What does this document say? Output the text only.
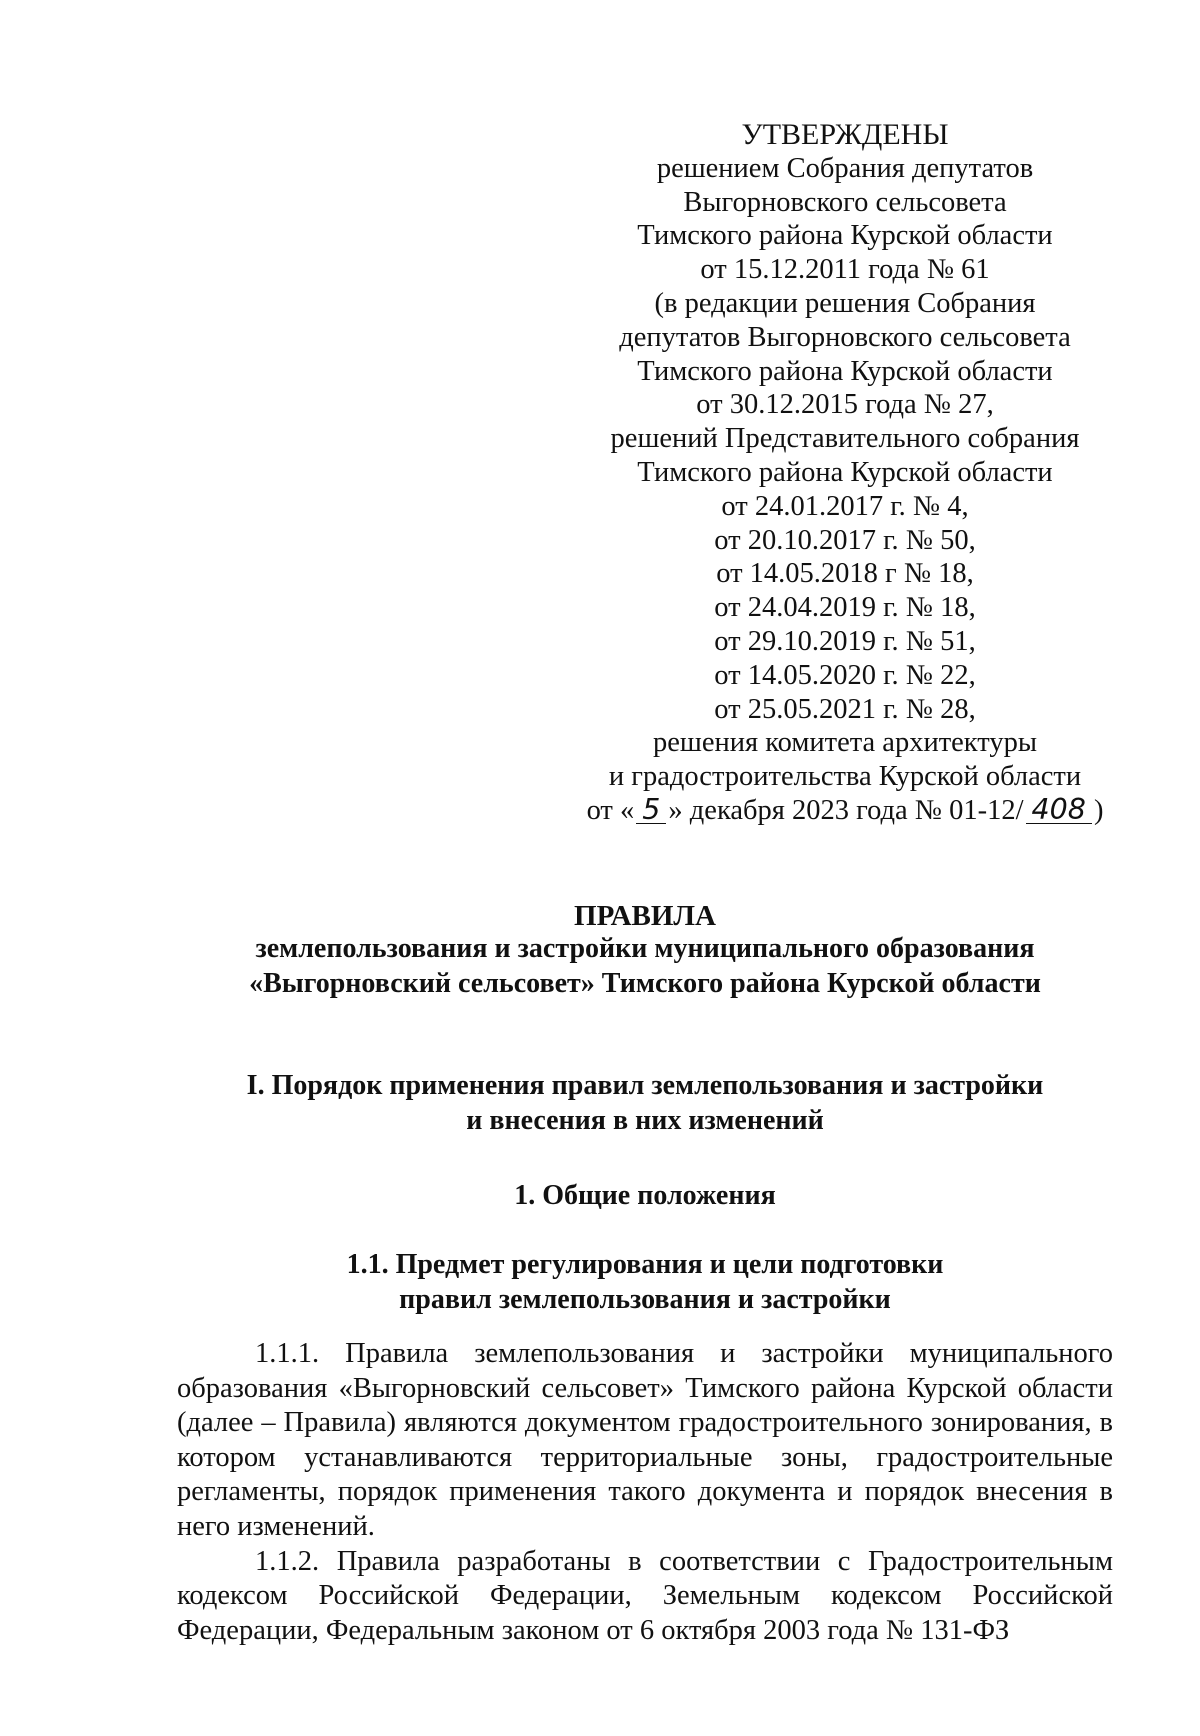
УТВЕРЖДЕНЫ
решением Собрания депутатов
Выгорновского сельсовета
Тимского района Курской области
от 15.12.2011 года № 61
(в редакции решения Собрания
депутатов Выгорновского сельсовета
Тимского района Курской области
от 30.12.2015 года № 27,
решений Представительного собрания
Тимского района Курской области
от 24.01.2017 г. № 4,
от 20.10.2017 г. № 50,
от 14.05.2018 г № 18,
от 24.04.2019 г. № 18,
от 29.10.2019 г. № 51,
от 14.05.2020 г. № 22,
от 25.05.2021 г. № 28,
решения комитета архитектуры
и градостроительства Курской области
от « 5 » декабря 2023 года № 01-12/ 408 )
ПРАВИЛА
землепользования и застройки муниципального образования
«Выгорновский сельсовет» Тимского района Курской области
I. Порядок применения правил землепользования и застройки
и внесения в них изменений
1. Общие положения
1.1. Предмет регулирования и цели подготовки
правил землепользования и застройки

1.1.1. Правила землепользования и застройки муниципального образования «Выгорновский сельсовет» Тимского района Курской области (далее – Правила) являются документом градостроительного зонирования, в котором устанавливаются территориальные зоны, градостроительные регламенты, порядок применения такого документа и порядок внесения в него изменений.

1.1.2. Правила разработаны в соответствии с Градостроительным кодексом Российской Федерации, Земельным кодексом Российской Федерации, Федеральным законом от 6 октября 2003 года № 131-ФЗ
